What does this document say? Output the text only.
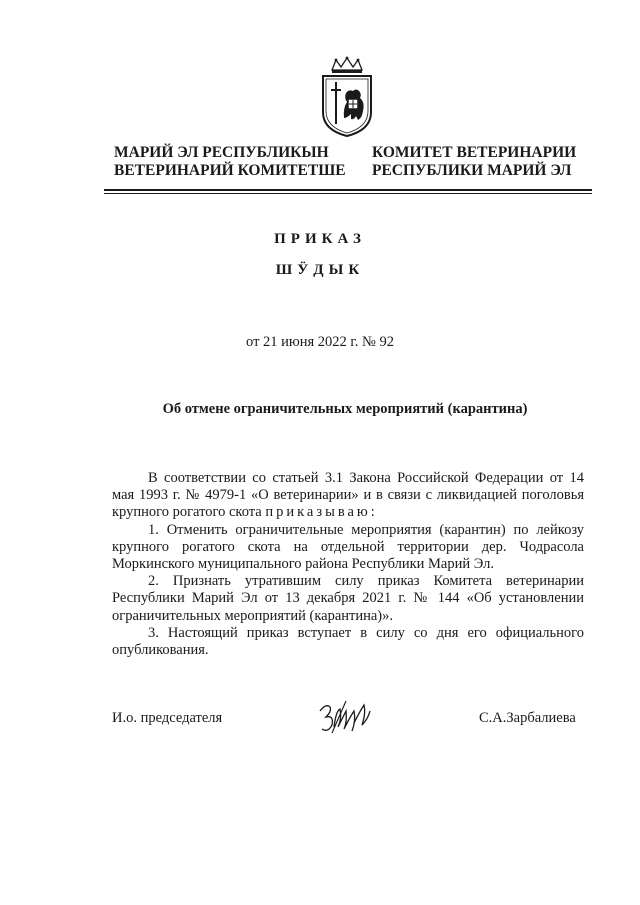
МАРИЙ ЭЛ РЕСПУБЛИКЫН
ВЕТЕРИНАРИЙ КОМИТЕТШЕ
КОМИТЕТ ВЕТЕРИНАРИИ
РЕСПУБЛИКИ МАРИЙ ЭЛ
ПРИКАЗ
ШӰДЫК
от 21 июня 2022 г. № 92
Об отмене ограничительных мероприятий (карантина)

В соответствии со статьей 3.1 Закона Российской Федерации от 14 мая 1993 г. № 4979-1 «О ветеринарии» и в связи с ликвидацией поголовья крупного рогатого скота приказываю:

1. Отменить ограничительные мероприятия (карантин) по лейкозу крупного рогатого скота на отдельной территории дер. Чодрасола Моркинского муниципального района Республики Марий Эл.

2. Признать утратившим силу приказ Комитета ветеринарии Республики Марий Эл от 13 декабря 2021 г. № 144 «Об установлении ограничительных мероприятий (карантина)».

3. Настоящий приказ вступает в силу со дня его официального опубликования.

И.о. председателя	С.А.Зарбалиева
